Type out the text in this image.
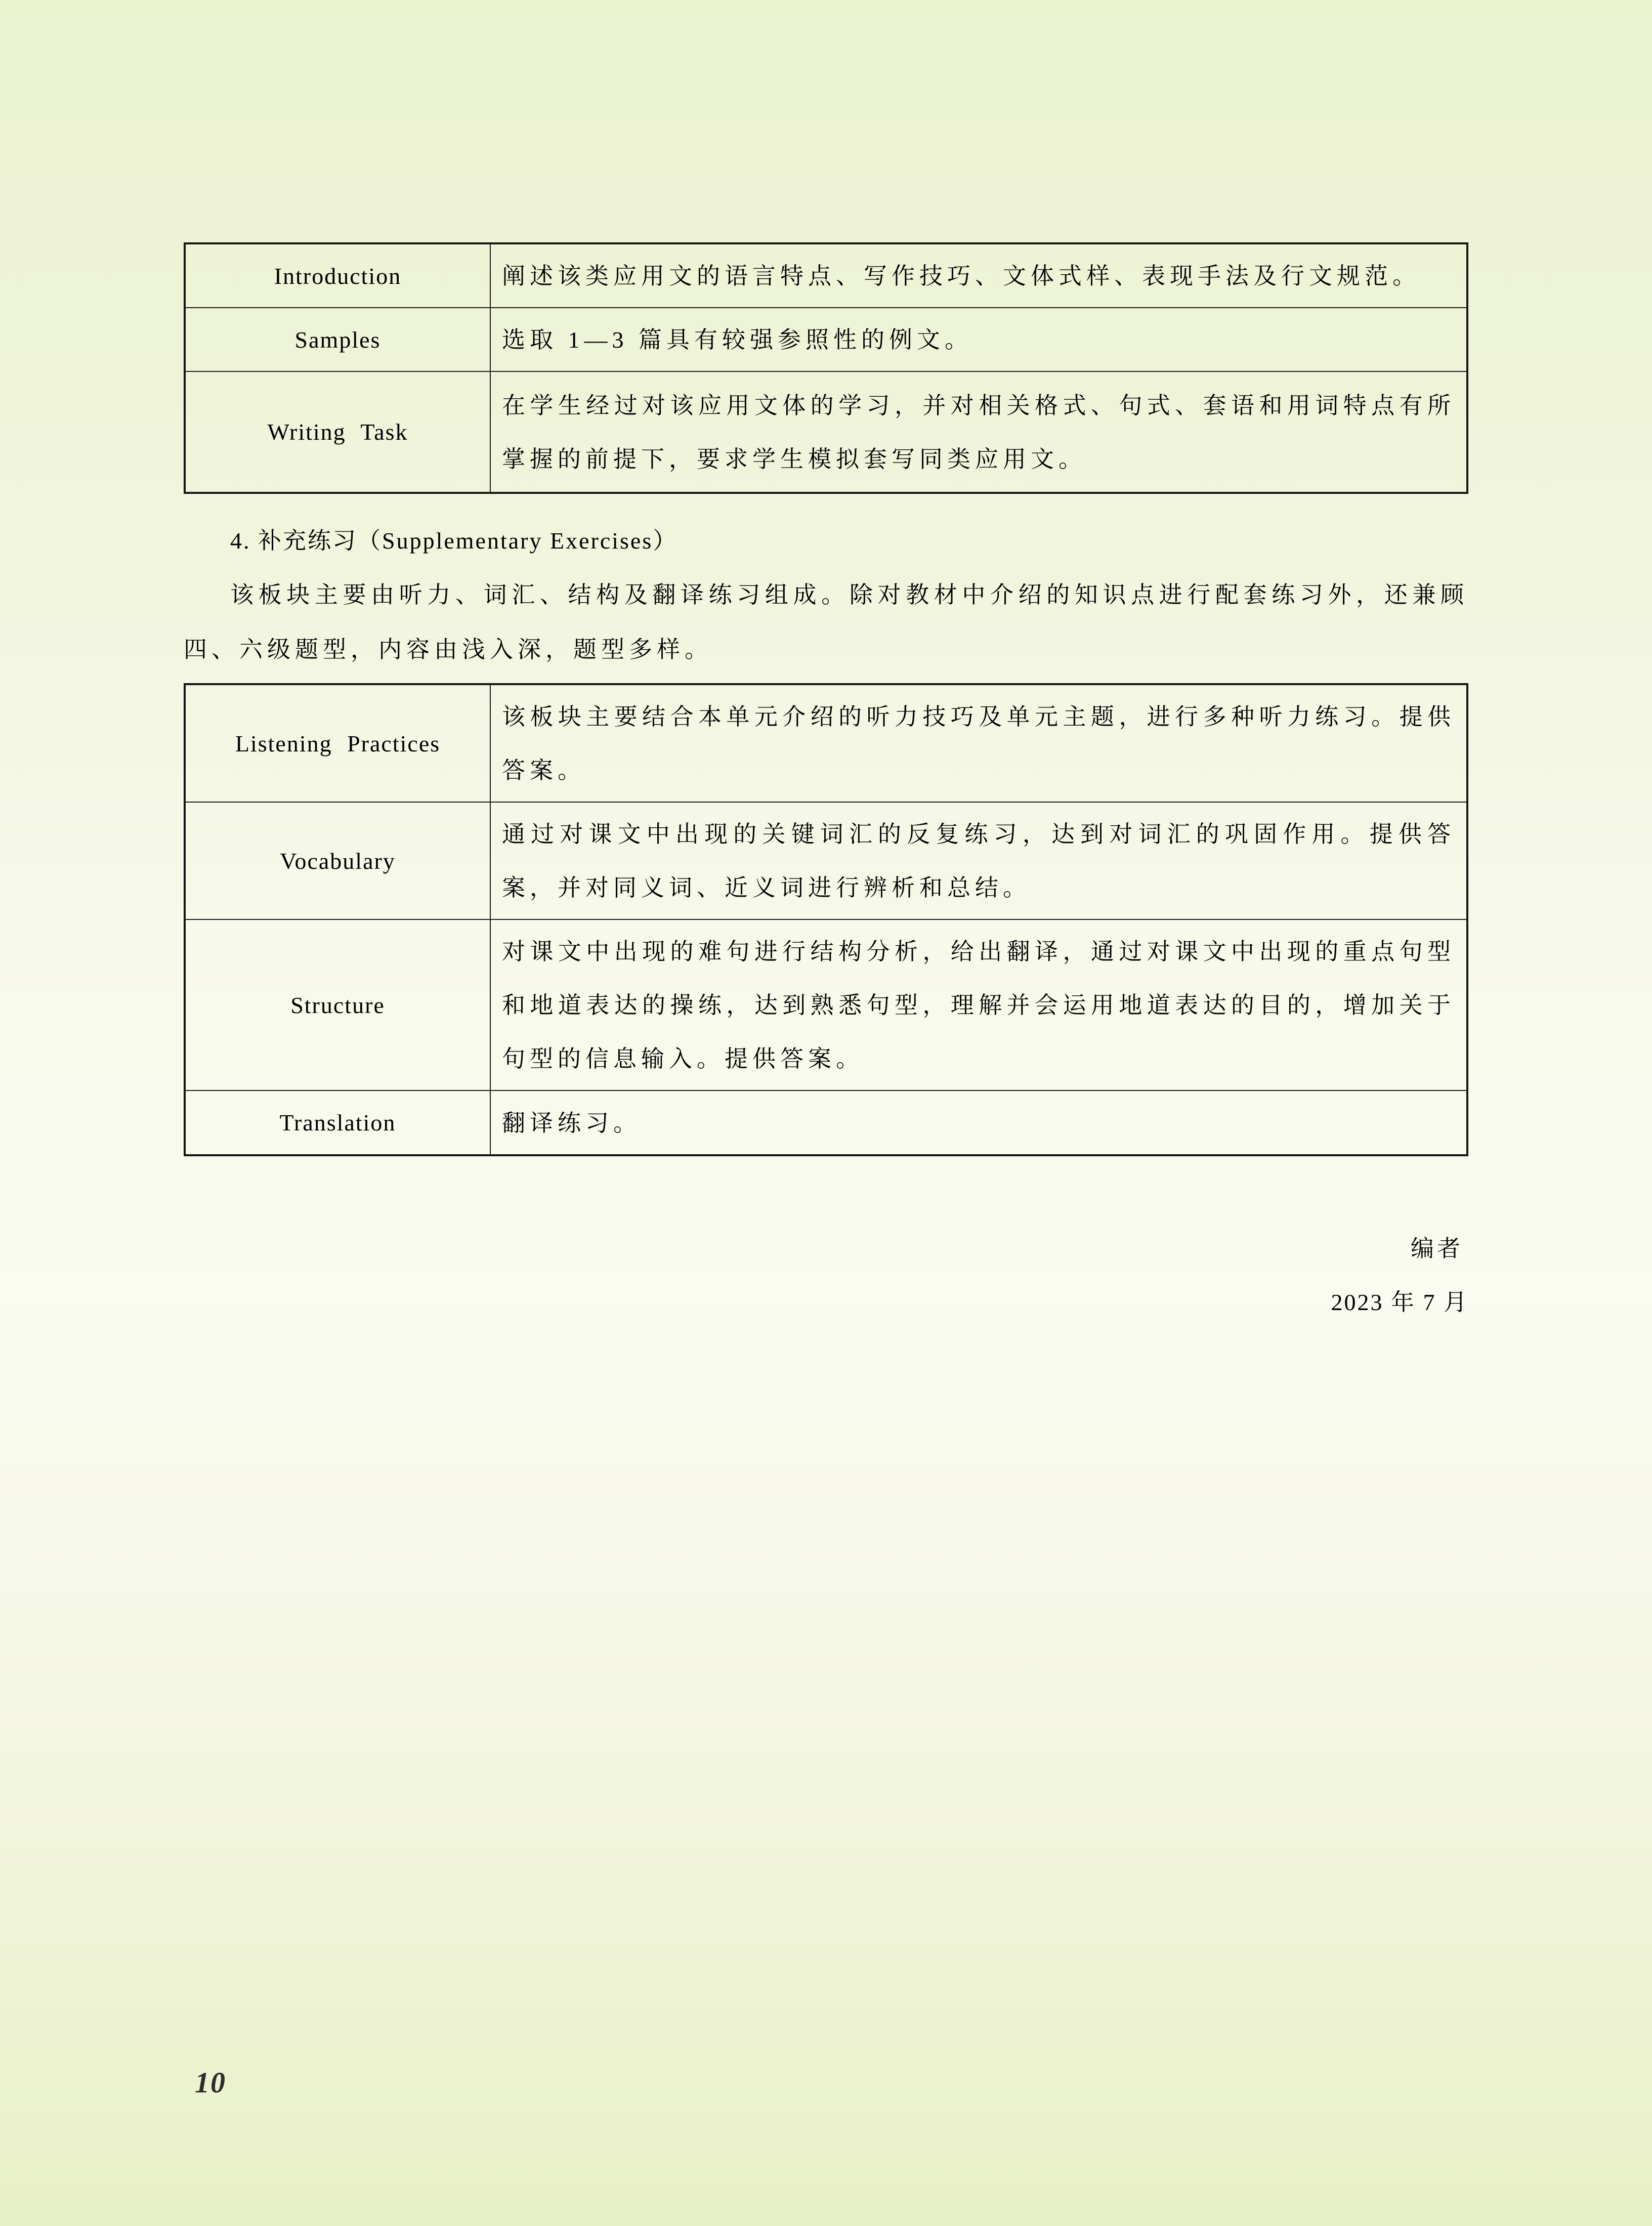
Introduction	阐述该类应用文的语言特点、写作技巧、文体式样、表现手法及行文规范。
Samples	选取 1—3 篇具有较强参照性的例文。
Writing Task	在学生经过对该应用文体的学习，并对相关格式、句式、套语和用词特点有所掌握的前提下，要求学生模拟套写同类应用文。
4. 补充练习（Supplementary Exercises）
该板块主要由听力、词汇、结构及翻译练习组成。除对教材中介绍的知识点进行配套练习外，还兼顾四、六级题型，内容由浅入深，题型多样。
Listening Practices	该板块主要结合本单元介绍的听力技巧及单元主题，进行多种听力练习。提供答案。
Vocabulary	通过对课文中出现的关键词汇的反复练习，达到对词汇的巩固作用。提供答案，并对同义词、近义词进行辨析和总结。
Structure	对课文中出现的难句进行结构分析，给出翻译，通过对课文中出现的重点句型和地道表达的操练，达到熟悉句型，理解并会运用地道表达的目的，增加关于句型的信息输入。提供答案。
Translation	翻译练习。
编者
2023 年 7 月
10
